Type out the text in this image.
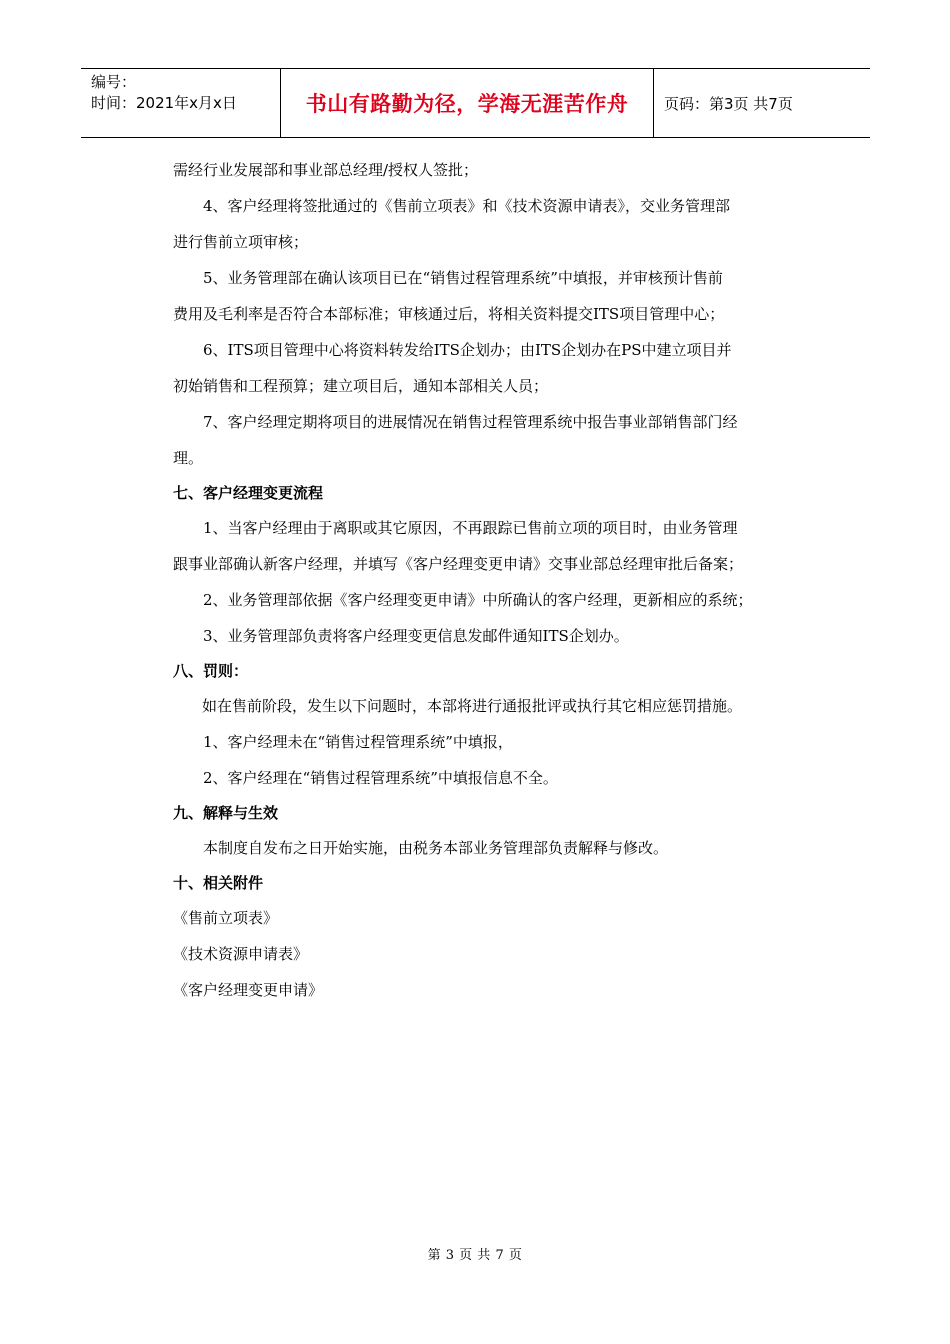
编号：
时间：2021年x月x日	书山有路勤为径，学海无涯苦作舟 页码：第3页 共7页
需经行业发展部和事业部总经理/授权人签批；
4、客户经理将签批通过的《售前立项表》和《技术资源申请表》，交业务管理部
进行售前立项审核；
5、业务管理部在确认该项目已在“销售过程管理系统”中填报，并审核预计售前
费用及毛利率是否符合本部标准；审核通过后，将相关资料提交ITS项目管理中心；
6、ITS项目管理中心将资料转发给ITS企划办；由ITS企划办在PS中建立项目并
初始销售和工程预算；建立项目后，通知本部相关人员；
7、客户经理定期将项目的进展情况在销售过程管理系统中报告事业部销售部门经
理。
七、客户经理变更流程
1、当客户经理由于离职或其它原因，不再跟踪已售前立项的项目时，由业务管理
跟事业部确认新客户经理，并填写《客户经理变更申请》交事业部总经理审批后备案；
2、业务管理部依据《客户经理变更申请》中所确认的客户经理，更新相应的系统；
3、业务管理部负责将客户经理变更信息发邮件通知ITS企划办。
八、罚则：
如在售前阶段，发生以下问题时，本部将进行通报批评或执行其它相应惩罚措施。
1、客户经理未在“销售过程管理系统”中填报，
2、客户经理在“销售过程管理系统”中填报信息不全。
九、解释与生效
本制度自发布之日开始实施，由税务本部业务管理部负责解释与修改。
十、相关附件
《售前立项表》
《技术资源申请表》
《客户经理变更申请》
第 3 页 共 7 页
